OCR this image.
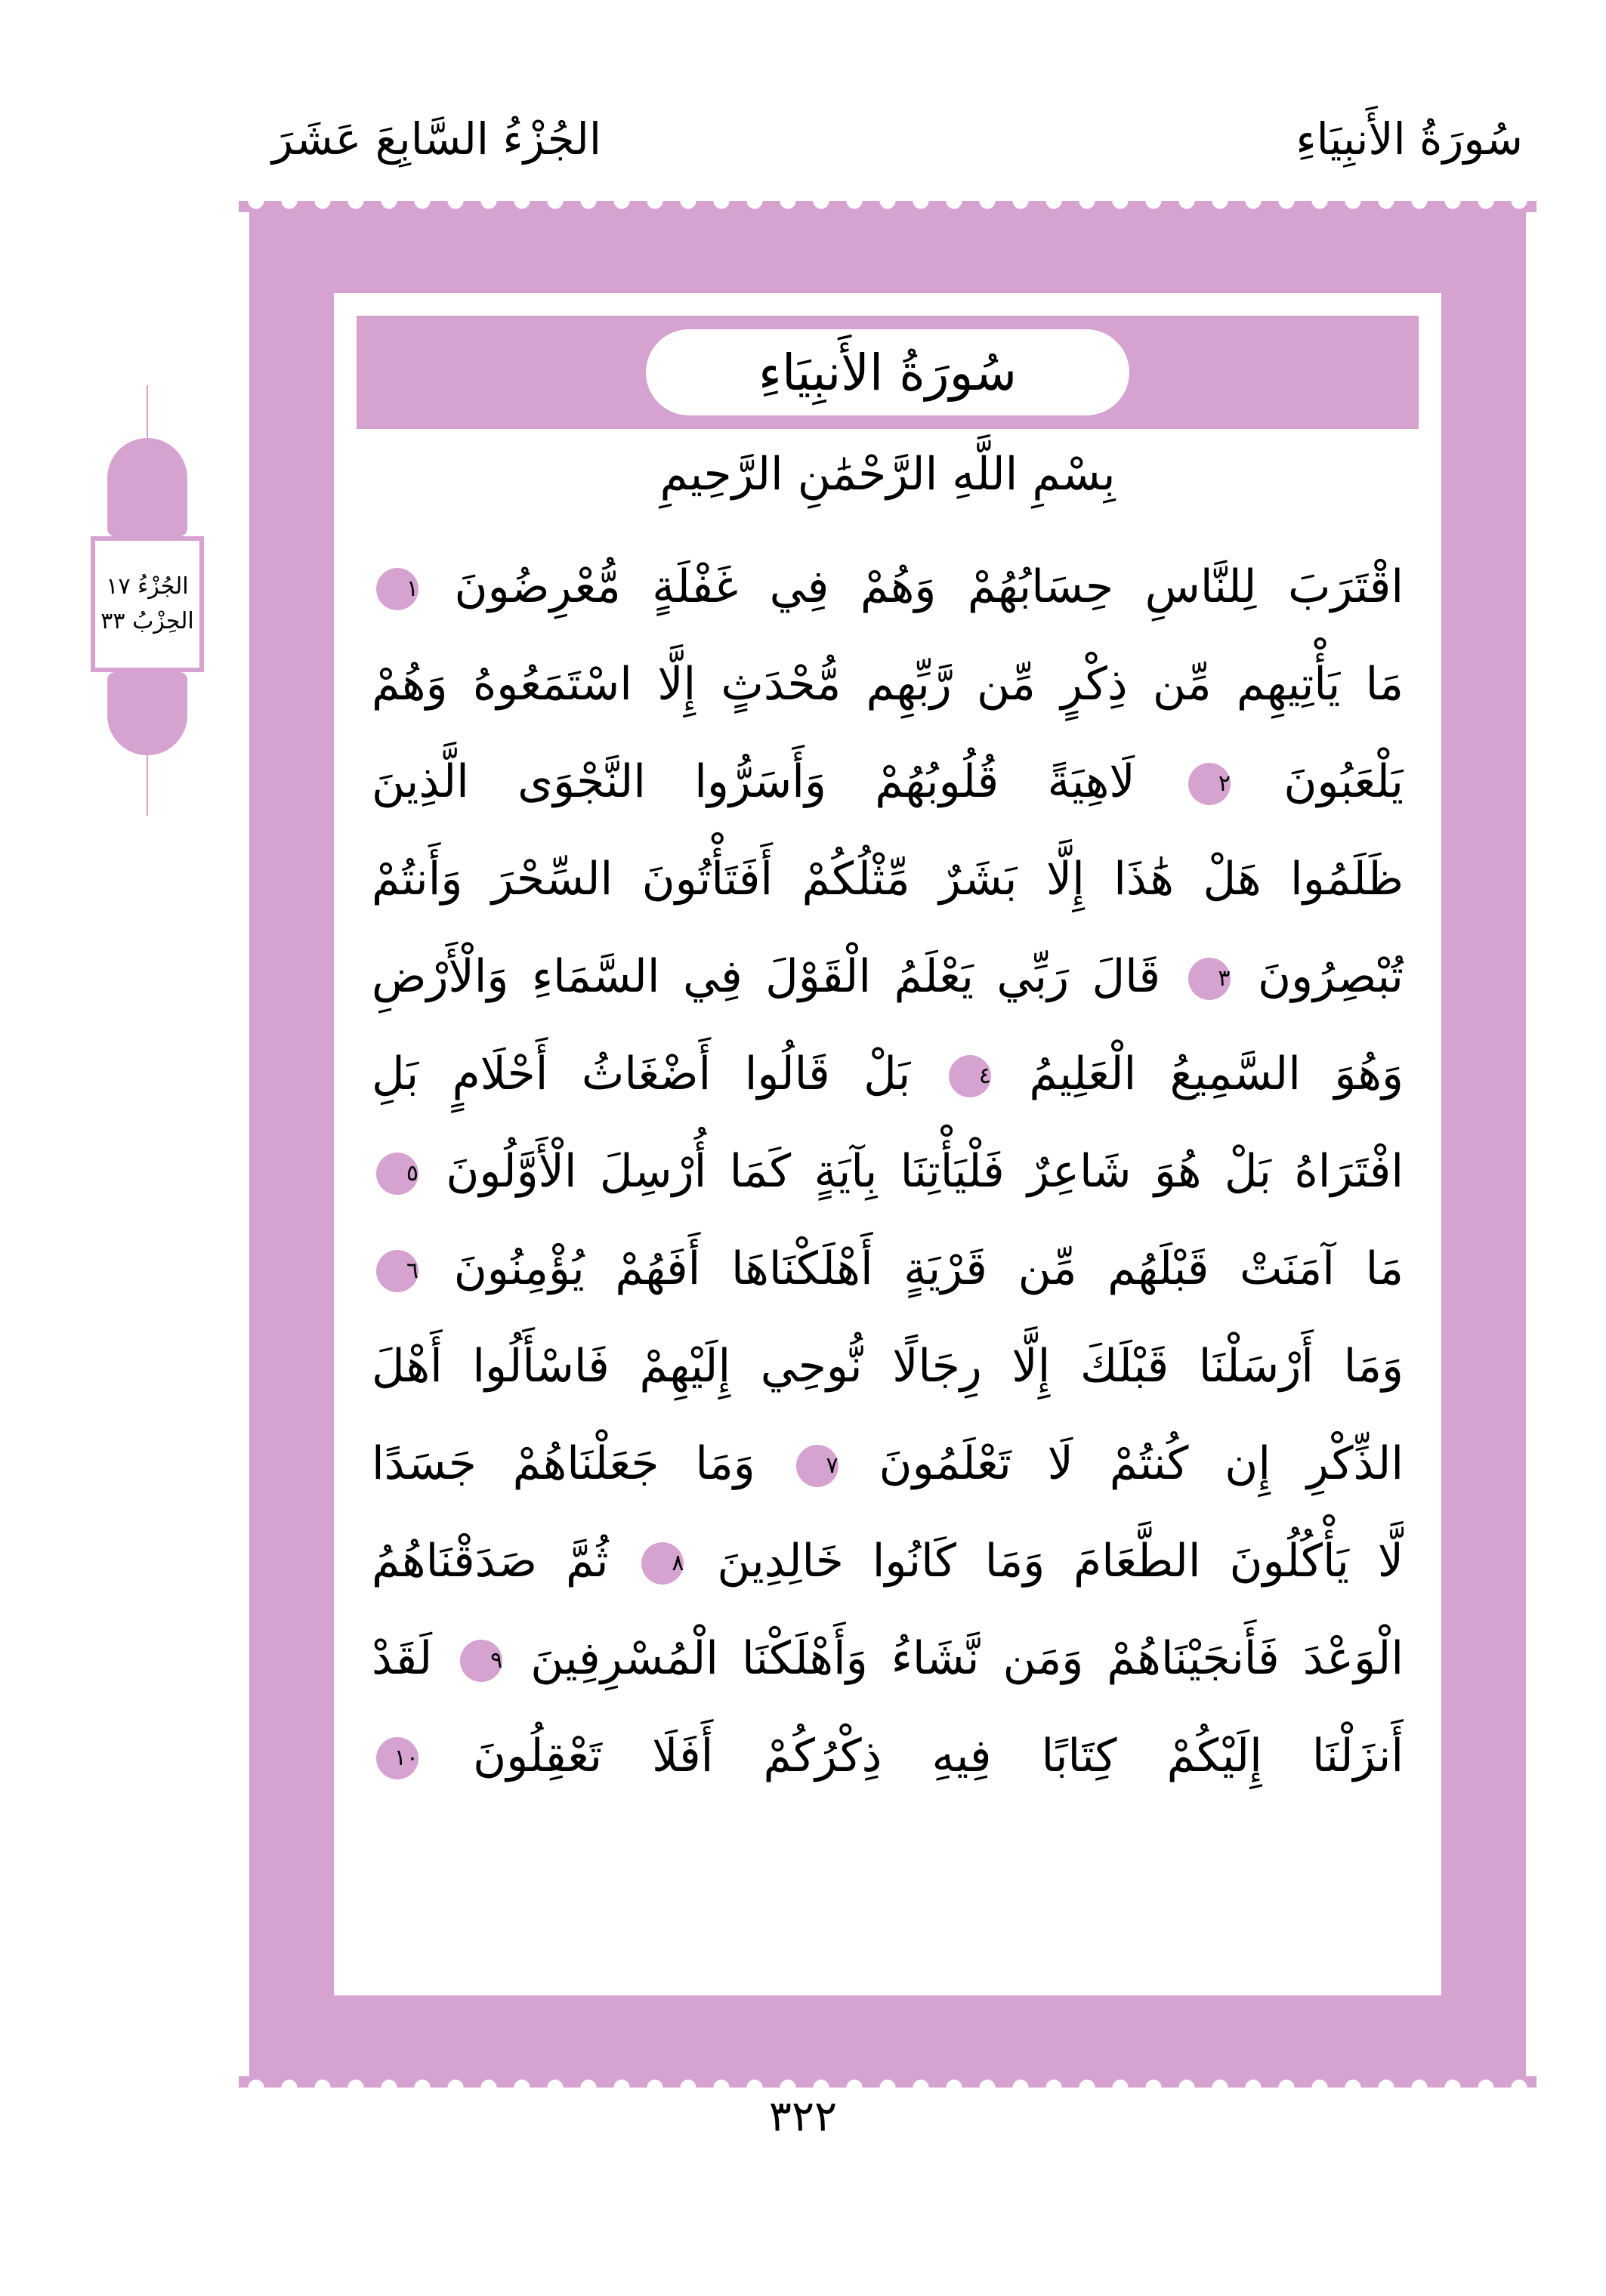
الجُزْءُ السَّابِعَ عَشَرَ	سُورَةُ الأَنبِيَاءِ
الجُزْءُ ١٧
الحِزْبُ ٣٣
سُورَةُ الأَنبِيَاءِ
بِسْمِ اللَّهِ الرَّحْمَٰنِ الرَّحِيمِ
اقْتَرَبَ لِلنَّاسِ حِسَابُهُمْ وَهُمْ فِي غَفْلَةٍ مُّعْرِضُونَ ١
مَا يَأْتِيهِم مِّن ذِكْرٍ مِّن رَّبِّهِم مُّحْدَثٍ إِلَّا اسْتَمَعُوهُ وَهُمْ
يَلْعَبُونَ ٢ لَاهِيَةً قُلُوبُهُمْ وَأَسَرُّوا النَّجْوَى الَّذِينَ
ظَلَمُوا هَلْ هَٰذَا إِلَّا بَشَرٌ مِّثْلُكُمْ أَفَتَأْتُونَ السِّحْرَ وَأَنتُمْ
تُبْصِرُونَ ٣ قَالَ رَبِّي يَعْلَمُ الْقَوْلَ فِي السَّمَاءِ وَالْأَرْضِ
وَهُوَ السَّمِيعُ الْعَلِيمُ ٤ بَلْ قَالُوا أَضْغَاثُ أَحْلَامٍ بَلِ
افْتَرَاهُ بَلْ هُوَ شَاعِرٌ فَلْيَأْتِنَا بِآيَةٍ كَمَا أُرْسِلَ الْأَوَّلُونَ ٥
مَا آمَنَتْ قَبْلَهُم مِّن قَرْيَةٍ أَهْلَكْنَاهَا أَفَهُمْ يُؤْمِنُونَ ٦
وَمَا أَرْسَلْنَا قَبْلَكَ إِلَّا رِجَالًا نُّوحِي إِلَيْهِمْ فَاسْأَلُوا أَهْلَ
الذِّكْرِ إِن كُنتُمْ لَا تَعْلَمُونَ ٧ وَمَا جَعَلْنَاهُمْ جَسَدًا
لَّا يَأْكُلُونَ الطَّعَامَ وَمَا كَانُوا خَالِدِينَ ٨ ثُمَّ صَدَقْنَاهُمُ
الْوَعْدَ فَأَنجَيْنَاهُمْ وَمَن نَّشَاءُ وَأَهْلَكْنَا الْمُسْرِفِينَ ٩ لَقَدْ
أَنزَلْنَا إِلَيْكُمْ كِتَابًا فِيهِ ذِكْرُكُمْ أَفَلَا تَعْقِلُونَ ١٠
٣٢٢
